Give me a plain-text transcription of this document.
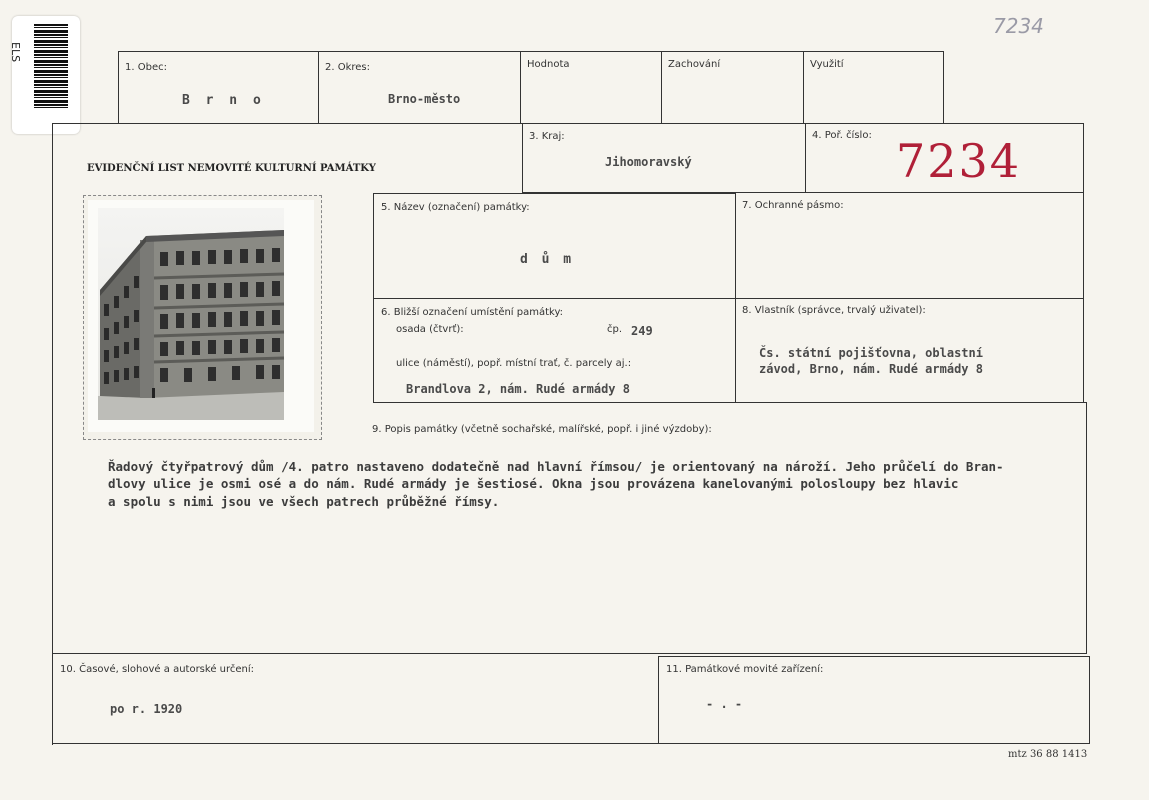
7234
ELS
1. Obec:
B r n o
2. Okres:
Brno-město
Hodnota	Zachování	Využití
EVIDENČNÍ LIST NEMOVITÉ KULTURNÍ PAMÁTKY
3. Kraj:
Jihomoravský
4. Poř. číslo: 7234
5. Název (označení) památky:
d ů m
7. Ochranné pásmo:
6. Bližší označení umístění památky:
osada (čtvrť):	čp. 249
ulice (náměstí), popř. místní trať, č. parcely aj.:
Brandlova 2, nám. Rudé armády 8
8. Vlastník (správce, trvalý uživatel):
Čs. státní pojišťovna, oblastní
závod, Brno, nám. Rudé armády 8
9. Popis památky (včetně sochařské, malířské, popř. i jiné výzdoby):
Řadový čtyřpatrový dům /4. patro nastaveno dodatečně nad hlavní římsou/ je orientovaný na nároží. Jeho průčelí do Bran-
dlovy ulice je osmi osé a do nám. Rudé armády je šestiosé. Okna jsou provázena kanelovanými polosloupy bez hlavic
a spolu s nimi jsou ve všech patrech průběžné římsy.
10. Časové, slohové a autorské určení:
po r. 1920
11. Památkové movité zařízení:
- . -
mtz 36 88 1413
